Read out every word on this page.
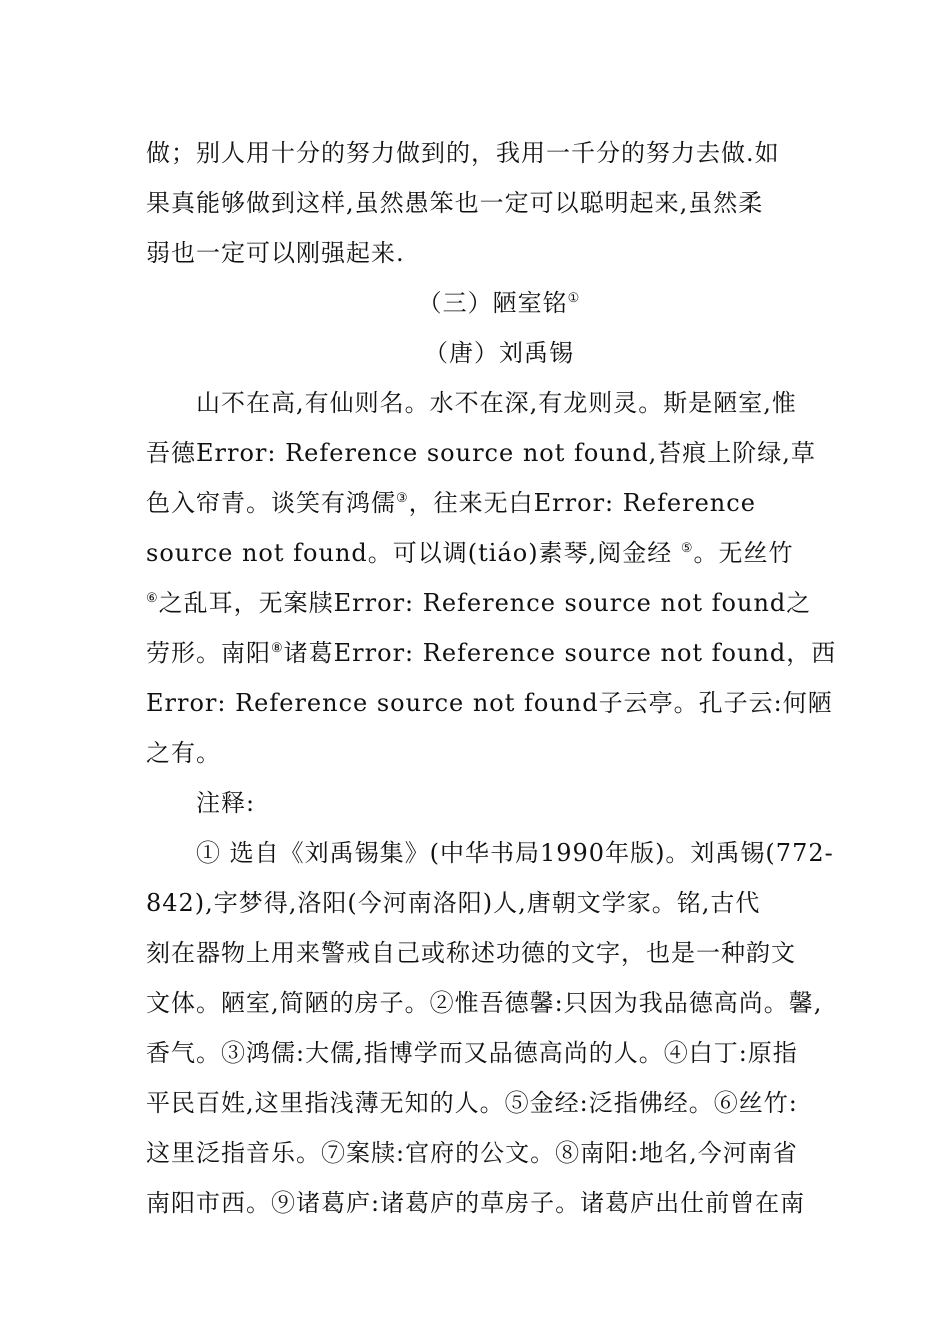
做；别人用十分的努力做到的，我用一千分的努力去做.如
果真能够做到这样,虽然愚笨也一定可以聪明起来,虽然柔
弱也一定可以刚强起来.
（三）陋室铭①
（唐）刘禹锡
山不在高,有仙则名。水不在深,有龙则灵。斯是陋室,惟
吾德Error: Reference source not found,苔痕上阶绿,草
色入帘青。谈笑有鸿儒③，往来无白Error: Reference
source not found。可以调(tiáo)素琴,阅金经 ⑤。无丝竹
⑥之乱耳，无案牍Error: Reference source not found之
劳形。南阳⑧诸葛Error: Reference source not found，西
Error: Reference source not found子云亭。孔子云:何陋
之有。
注释:
① 选自《刘禹锡集》(中华书局1990年版)。刘禹锡(772-
842),字梦得,洛阳(今河南洛阳)人,唐朝文学家。铭,古代
刻在器物上用来警戒自己或称述功德的文字，也是一种韵文
文体。陋室,简陋的房子。②惟吾德馨:只因为我品德高尚。馨,
香气。③鸿儒:大儒,指博学而又品德高尚的人。④白丁:原指
平民百姓,这里指浅薄无知的人。⑤金经:泛指佛经。⑥丝竹:
这里泛指音乐。⑦案牍:官府的公文。⑧南阳:地名,今河南省
南阳市西。⑨诸葛庐:诸葛庐的草房子。诸葛庐出仕前曾在南
